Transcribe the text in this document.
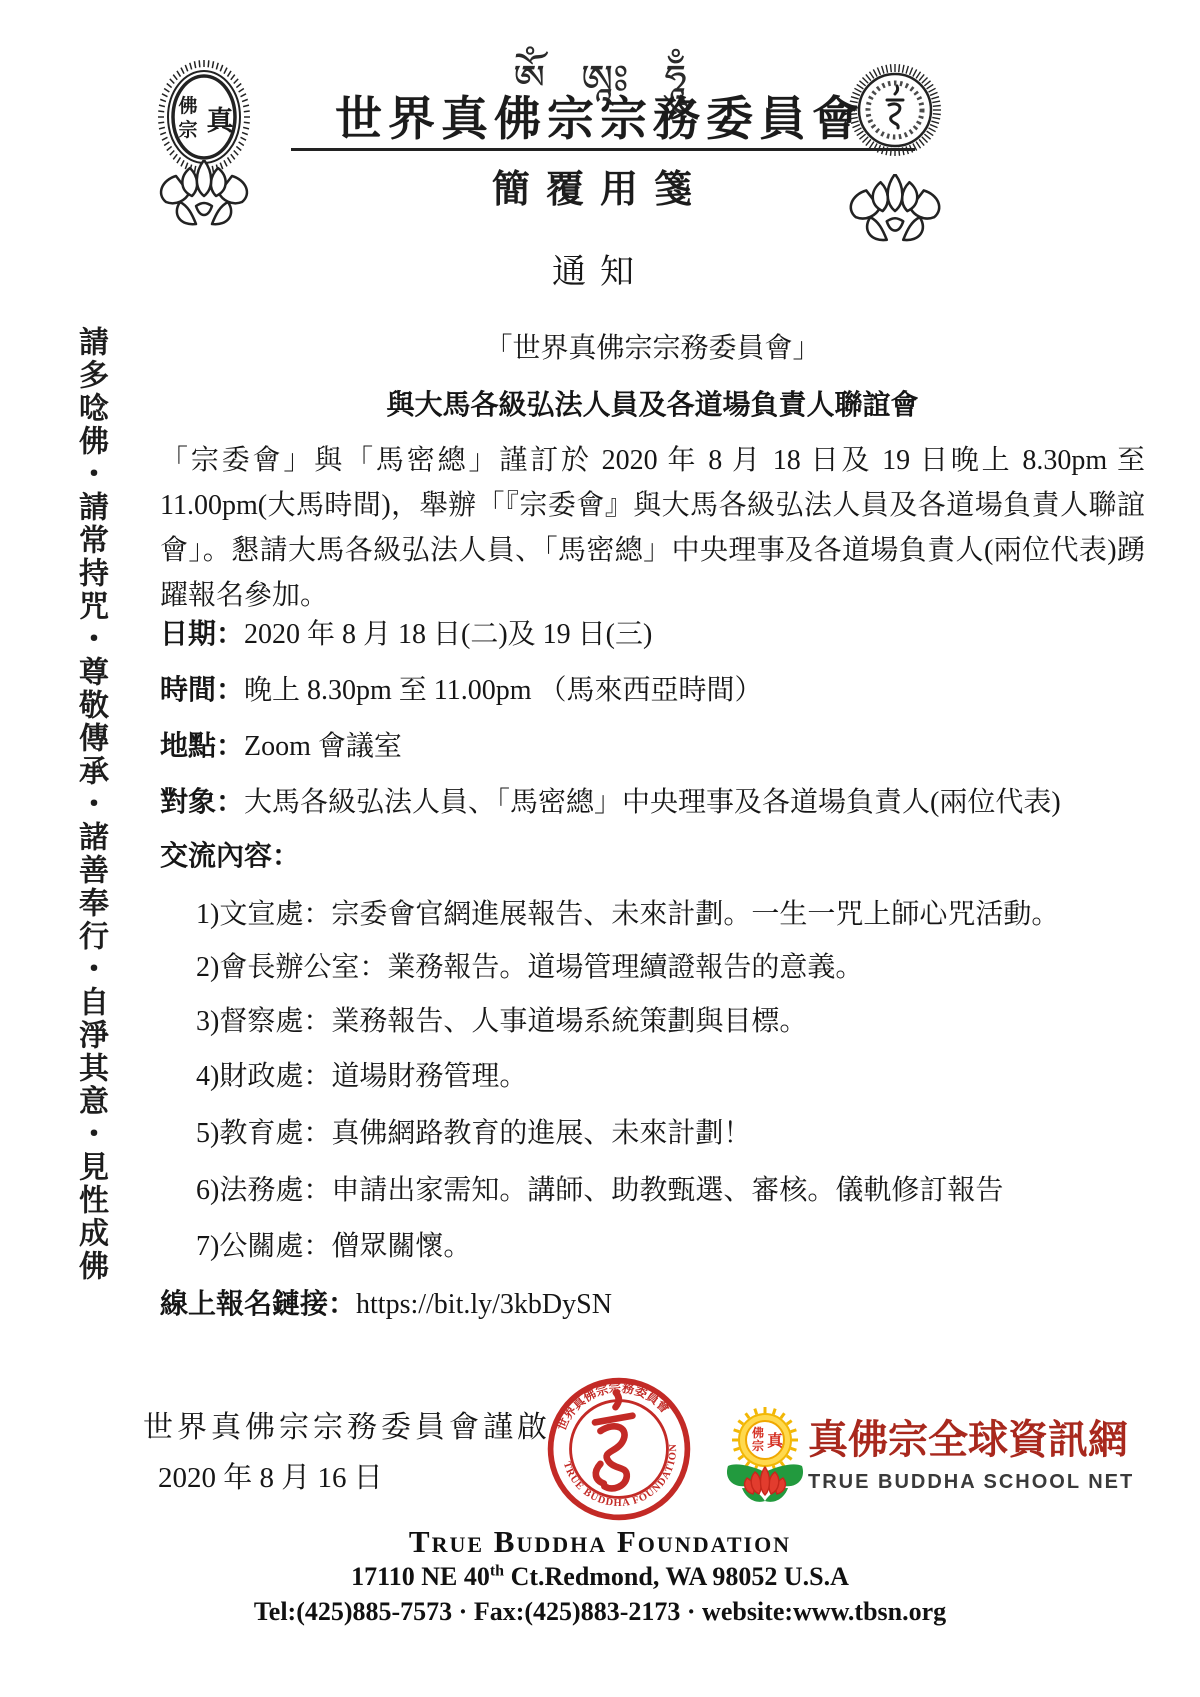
佛
宗 真
ཨོཾ ཨཱཿ ཧཱུྃ
世界真佛宗宗務委員會
簡覆用箋
通知
請多唸佛・請常持咒・尊敬傳承・諸善奉行・自淨其意・見性成佛	「世界真佛宗宗務委員會」
與大馬各級弘法人員及各道場負責人聯誼會
「宗委會」與「馬密總」謹訂於 2020 年 8 月 18 日及 19 日晚上 8.30pm 至 11.00pm(大馬時間)，舉辦「『宗委會』與大馬各級弘法人員及各道場負責人聯誼會」。懇請大馬各級弘法人員、「馬密總」中央理事及各道場負責人(兩位代表)踴躍報名參加。
日期：2020 年 8 月 18 日(二)及 19 日(三)
時間：晚上 8.30pm 至 11.00pm （馬來西亞時間）
地點：Zoom 會議室
對象：大馬各級弘法人員、「馬密總」中央理事及各道場負責人(兩位代表)
交流內容：
1)文宣處：宗委會官網進展報告、未來計劃。一生一咒上師心咒活動。
2)會長辦公室：業務報告。道場管理續證報告的意義。
3)督察處：業務報告、人事道場系統策劃與目標。
4)財政處：道場財務管理。
5)教育處：真佛網路教育的進展、未來計劃！
6)法務處：申請出家需知。講師、助教甄選、審核。儀軌修訂報告
7)公關處：僧眾關懷。
線上報名鏈接：https://bit.ly/3kbDySN
世界真佛宗宗務委員會謹啟
2020 年 8 月 16 日
世界真佛宗宗務委員會
TRUE BUDDHA FOUNDATION
佛
宗 真 真佛宗全球資訊網
TRUE BUDDHA SCHOOL NET
True Buddha Foundation
17110 NE 40th Ct.Redmond, WA 98052 U.S.A
Tel:(425)885-7573 · Fax:(425)883-2173 · website:www.tbsn.org
